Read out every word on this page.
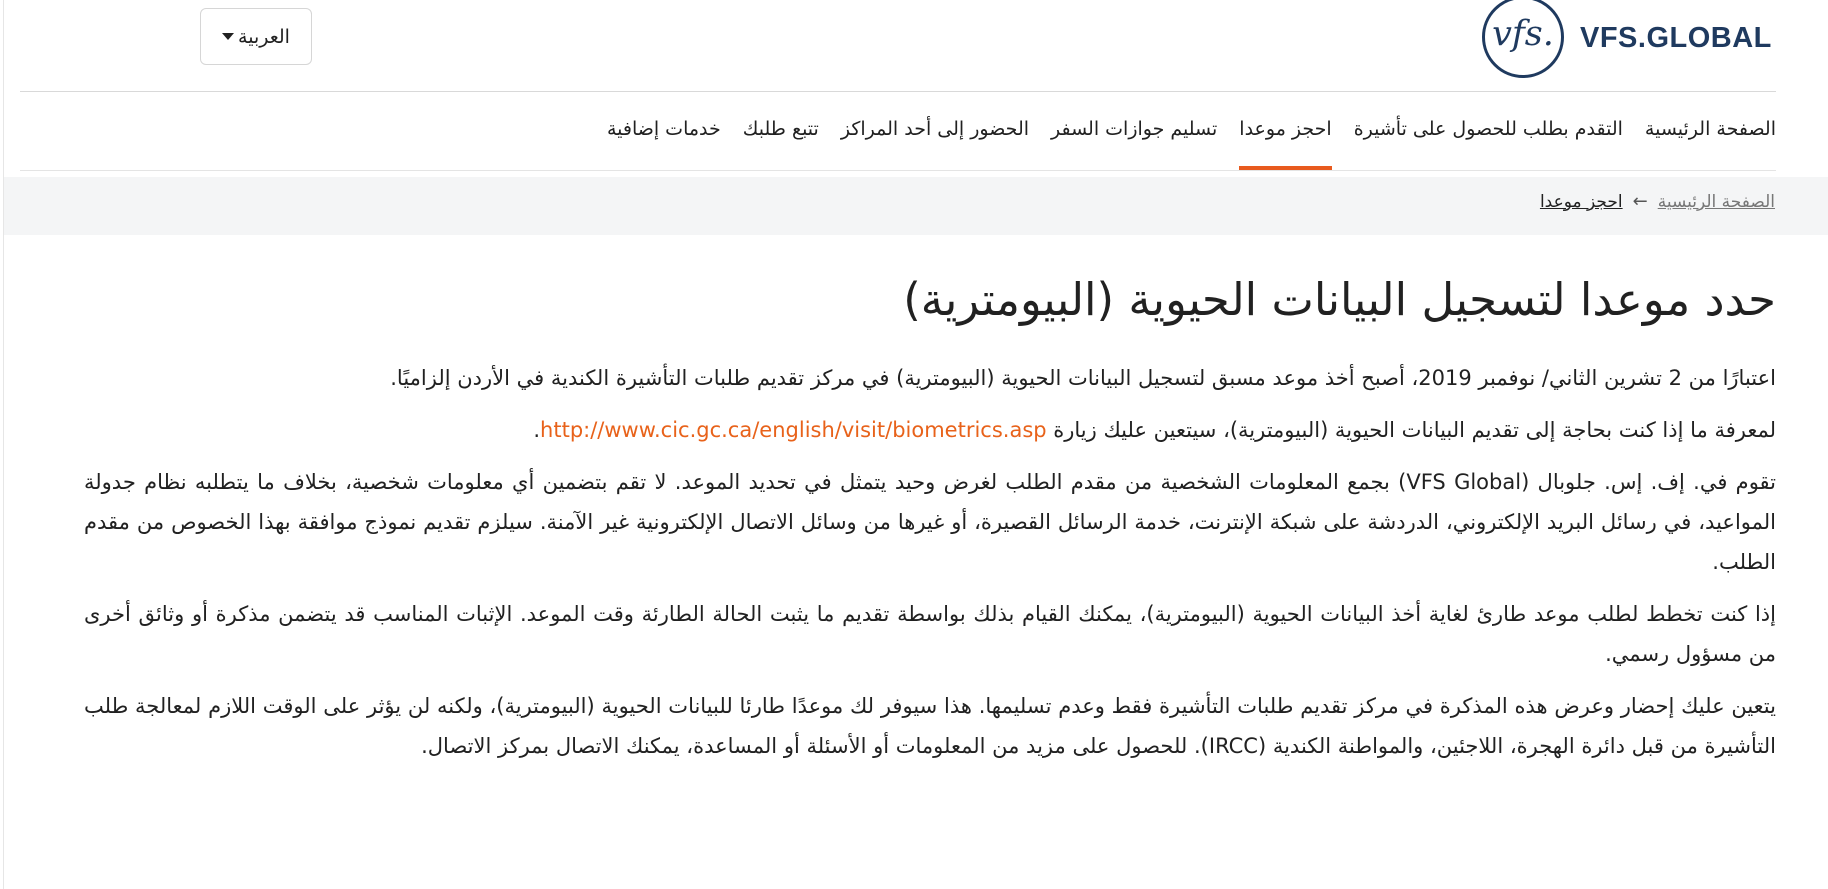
vfs. VFS.GLOBAL
العربية
الصفحة الرئيسية
التقدم بطلب للحصول على تأشيرة
احجز موعدا
تسليم جوازات السفر
الحضور إلى أحد المراكز
تتبع طلبك
خدمات إضافية
الصفحة الرئيسية
←
احجز موعدا
حدد موعدا لتسجيل البيانات الحيوية (البيومترية)

اعتبارًا من 2 تشرين الثاني/ نوفمبر 2019، أصبح أخذ موعد مسبق لتسجيل البيانات الحيوية (البيومترية) في مركز تقديم طلبات التأشيرة الكندية في الأردن إلزاميًا.

لمعرفة ما إذا كنت بحاجة إلى تقديم البيانات الحيوية (البيومترية)، سيتعين عليك زيارة http://www.cic.gc.ca/english/visit/biometrics.asp.

تقوم في. إف. إس. جلوبال (VFS Global) بجمع المعلومات الشخصية من مقدم الطلب لغرض وحيد يتمثل في تحديد الموعد. لا تقم بتضمين أي معلومات شخصية، بخلاف ما يتطلبه نظام جدولة المواعيد، في رسائل البريد الإلكتروني، الدردشة على شبكة الإنترنت، خدمة الرسائل القصيرة، أو غيرها من وسائل الاتصال الإلكترونية غير الآمنة. سيلزم تقديم نموذج موافقة بهذا الخصوص من مقدم الطلب.

إذا كنت تخطط لطلب موعد طارئ لغاية أخذ البيانات الحيوية (البيومترية)، يمكنك القيام بذلك بواسطة تقديم ما يثبت الحالة الطارئة وقت الموعد. الإثبات المناسب قد يتضمن مذكرة أو وثائق أخرى من مسؤول رسمي.

يتعين عليك إحضار وعرض هذه المذكرة في مركز تقديم طلبات التأشيرة فقط وعدم تسليمها. هذا سيوفر لك موعدًا طارئا للبيانات الحيوية (البيومترية)، ولكنه لن يؤثر على الوقت اللازم لمعالجة طلب التأشيرة من قبل دائرة الهجرة، اللاجئين، والمواطنة الكندية (IRCC). للحصول على مزيد من المعلومات أو الأسئلة أو المساعدة، يمكنك الاتصال بمركز الاتصال.
